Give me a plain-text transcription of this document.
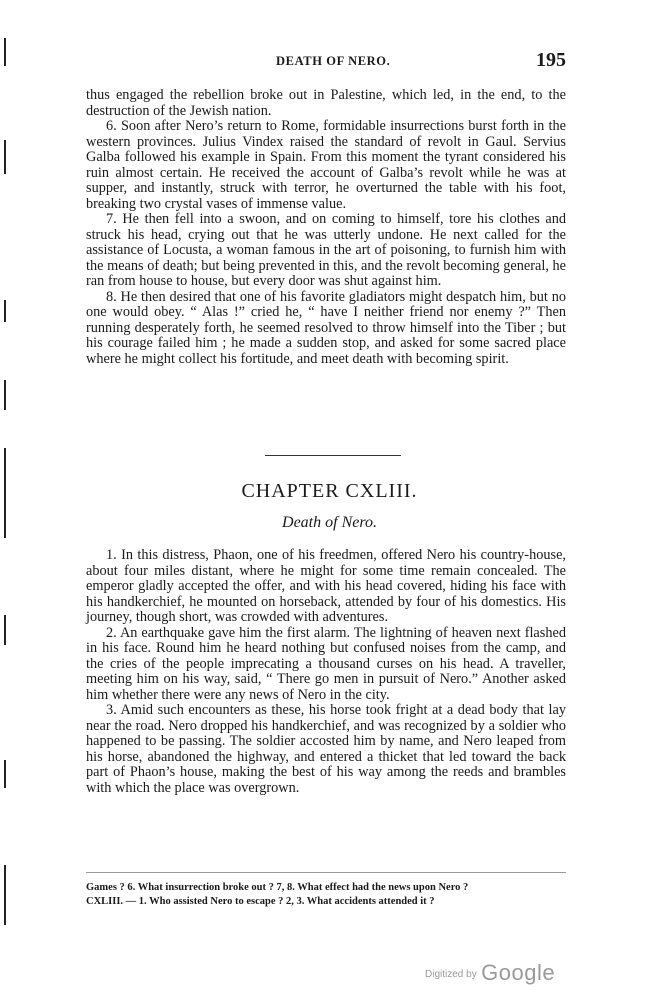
DEATH OF NERO.	195

thus engaged the rebellion broke out in Palestine, which led, in the end, to the destruction of the Jewish nation.

6. Soon after Nero’s return to Rome, formidable insurrections burst forth in the western provinces. Julius Vindex raised the standard of revolt in Gaul. Servius Galba followed his example in Spain. From this moment the tyrant considered his ruin almost certain. He received the account of Galba’s revolt while he was at supper, and instantly, struck with terror, he overturned the table with his foot, breaking two crystal vases of immense value.

7. He then fell into a swoon, and on coming to himself, tore his clothes and struck his head, crying out that he was utterly undone. He next called for the assistance of Locusta, a woman famous in the art of poisoning, to furnish him with the means of death; but being prevented in this, and the revolt becoming general, he ran from house to house, but every door was shut against him.

8. He then desired that one of his favorite gladiators might despatch him, but no one would obey. “ Alas !” cried he, “ have I neither friend nor enemy ?” Then running desperately forth, he seemed resolved to throw himself into the Tiber ; but his courage failed him ; he made a sudden stop, and asked for some sacred place where he might collect his fortitude, and meet death with becoming spirit.

CHAPTER CXLIII.
Death of Nero.

1. In this distress, Phaon, one of his freedmen, offered Nero his country-house, about four miles distant, where he might for some time remain concealed. The emperor gladly accepted the offer, and with his head covered, hiding his face with his handkerchief, he mounted on horseback, attended by four of his domestics. His journey, though short, was crowded with adventures.

2. An earthquake gave him the first alarm. The lightning of heaven next flashed in his face. Round him he heard nothing but confused noises from the camp, and the cries of the people imprecating a thousand curses on his head. A traveller, meeting him on his way, said, “ There go men in pursuit of Nero.” Another asked him whether there were any news of Nero in the city.

3. Amid such encounters as these, his horse took fright at a dead body that lay near the road. Nero dropped his handkerchief, and was recognized by a soldier who happened to be passing. The soldier accosted him by name, and Nero leaped from his horse, abandoned the highway, and entered a thicket that led toward the back part of Phaon’s house, making the best of his way among the reeds and brambles with which the place was overgrown.

Games ? 6. What insurrection broke out ? 7, 8. What effect had the news upon Nero ?

CXLIII. — 1. Who assisted Nero to escape ? 2, 3. What accidents attended it ?

Digitized by Google
